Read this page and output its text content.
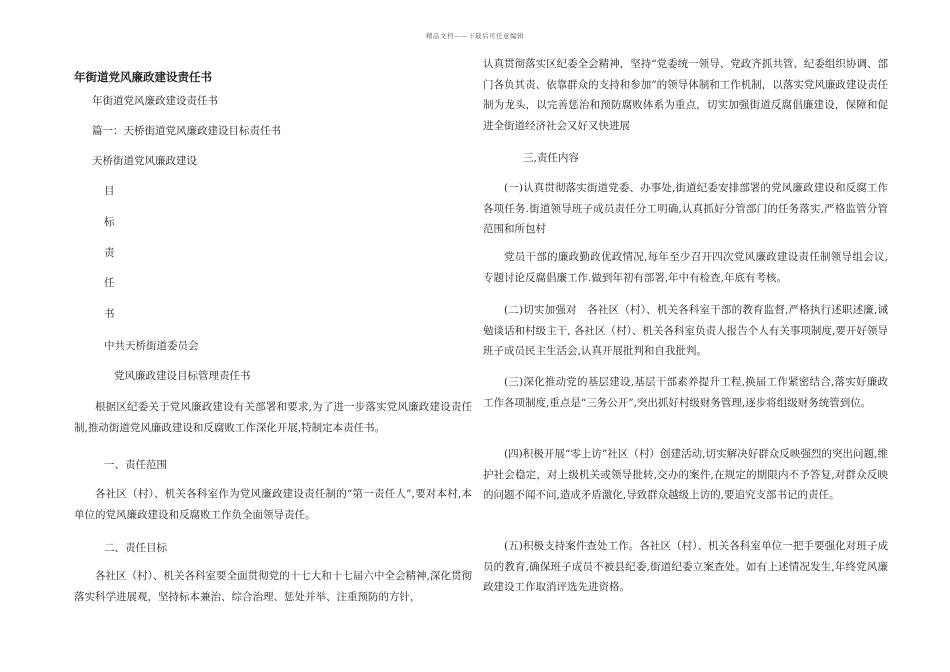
精品文档——下载后可任意编辑
年街道党风廉政建设责任书
年街道党风廉政建设责任书
篇一：天桥街道党风廉政建设目标责任书
天桥街道党风廉政建设
目
标
责
任
书
中共天桥街道委员会
党风廉政建设目标管理责任书
根据区纪委关于党风廉政建设有关部署和要求,为了进一步落实党风廉政建设责任制,推动街道党风廉政建设和反腐败工作深化开展,特制定本责任书。
一、责任范围
各社区（村）、机关各科室作为党风廉政建设责任制的“第一责任人”,要对本村,本单位的党风廉政建设和反腐败工作负全面领导责任。
二、责任目标
各社区（村）、机关各科室要全面贯彻党的十七大和十七届六中全会精神,深化贯彻落实科学进展观，坚持标本兼治、综合治理、惩处并举、注重预防的方针，
认真贯彻落实区纪委全会精神，坚持“党委统一领导、党政齐抓共管、纪委组织协调、部门各负其责、依靠群众的支持和参加”的领导体制和工作机制，以落实党风廉政建设责任制为龙头，以完善惩治和预防腐败体系为重点，切实加强街道反腐倡廉建设，保障和促进全街道经济社会又好又快进展
三,责任内容
(一)认真贯彻落实街道党委、办事处,街道纪委安排部署的党风廉政建设和反腐工作各项任务.街道领导班子成员责任分工明确,认真抓好分管部门的任务落实,严格监管分管范围和所包村
党员干部的廉政勤政优政情况,每年至少召开四次党风廉政建设责任制领导组会议,专题讨论反腐倡廉工作.做到年初有部署,年中有检查,年底有考核。
(二)切实加强对　各社区（村）、机关各科室干部的教育监督,严格执行述职述廉,诫勉谈话和村级主干, 各社区（村）、机关各科室负责人报告个人有关事项制度,要开好领导班子成员民主生活会,认真开展批判和自我批判。
(三)深化推动党的基层建设,基层干部素养提升工程,换届工作紧密结合,落实好廉政工作各项制度,重点是“三务公开”,突出抓好村级财务管理,逐步将组级财务统管到位。
(四)积极开展“零上访”社区（村）创建活动,切实解决好群众反映强烈的突出问题,维护社会稳定，对上级机关或领导批转,交办的案件,在规定的期限内不予答复,对群众反映的问题不闻不问,造成矛盾激化,导致群众越级上访的,要追究支部书记的责任。
(五)积极支持案件查处工作。各社区（村）、机关各科室单位一把手要强化对班子成员的教育,确保班子成员不被县纪委,街道纪委立案查处。如有上述情况发生,年终党风廉政建设工作取消评选先进资格。
